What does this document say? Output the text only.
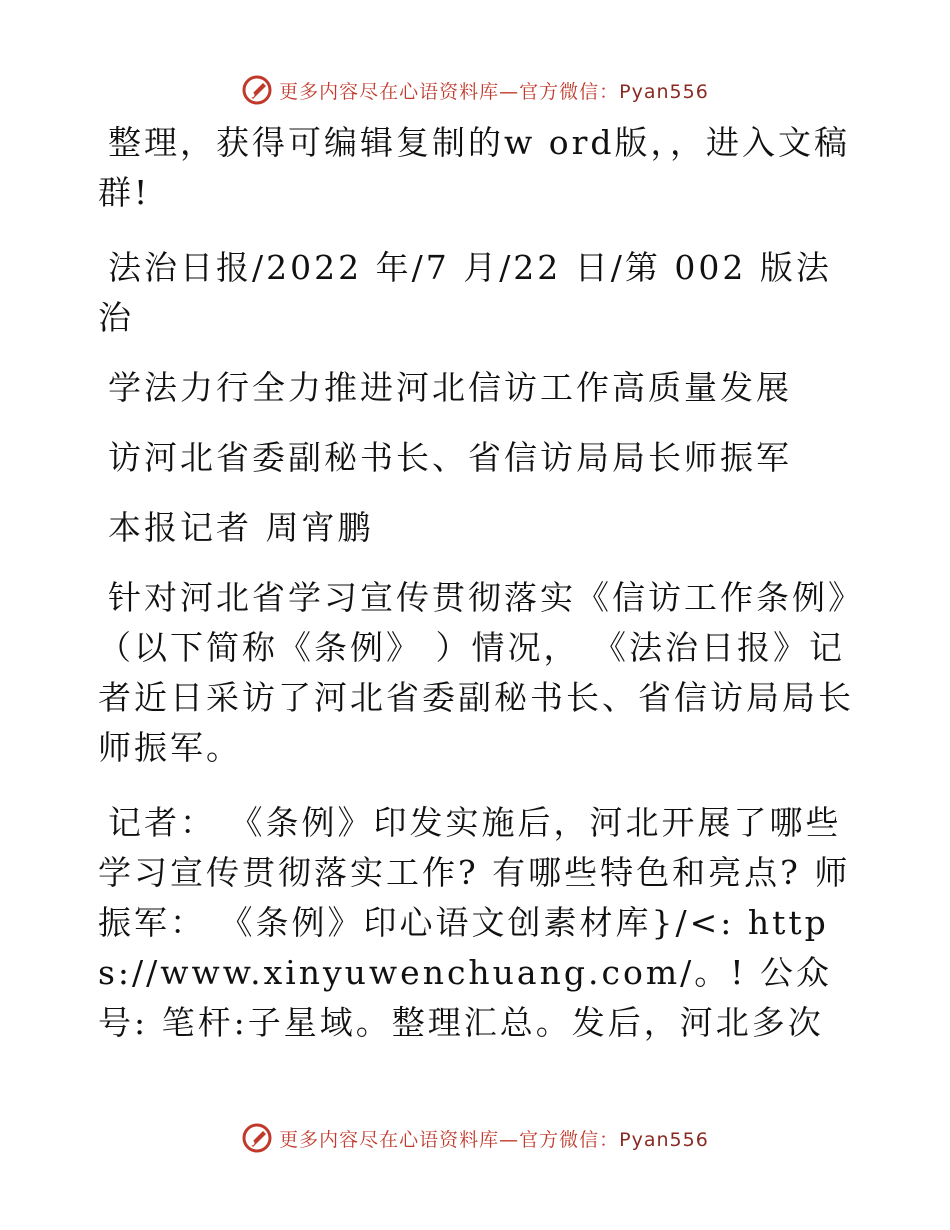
更多内容尽在心语资料库—官方微信：Pyan556

整理，获得可编辑复制的w ord版，，进入文稿群!

法治日报/2022 年/7 月/22 日/第 002 版法治

学法力行全力推进河北信访工作高质量发展

访河北省委副秘书长、省信访局局长师振军

本报记者 周宵鹏

针对河北省学习宣传贯彻落实《信访工作条例》（以下简称《条例》 ）情况， 《法治日报》记者近日采访了河北省委副秘书长、省信访局局长师振军。

记者： 《条例》印发实施后，河北开展了哪些学习宣传贯彻落实工作? 有哪些特色和亮点? 师振军： 《条例》印心语文创素材库}/<: https://www.xinyuwenchuang.com/。! 公众号: 笔杆:子星域。整理汇总。发后，河北多次

更多内容尽在心语资料库—官方微信：Pyan556
